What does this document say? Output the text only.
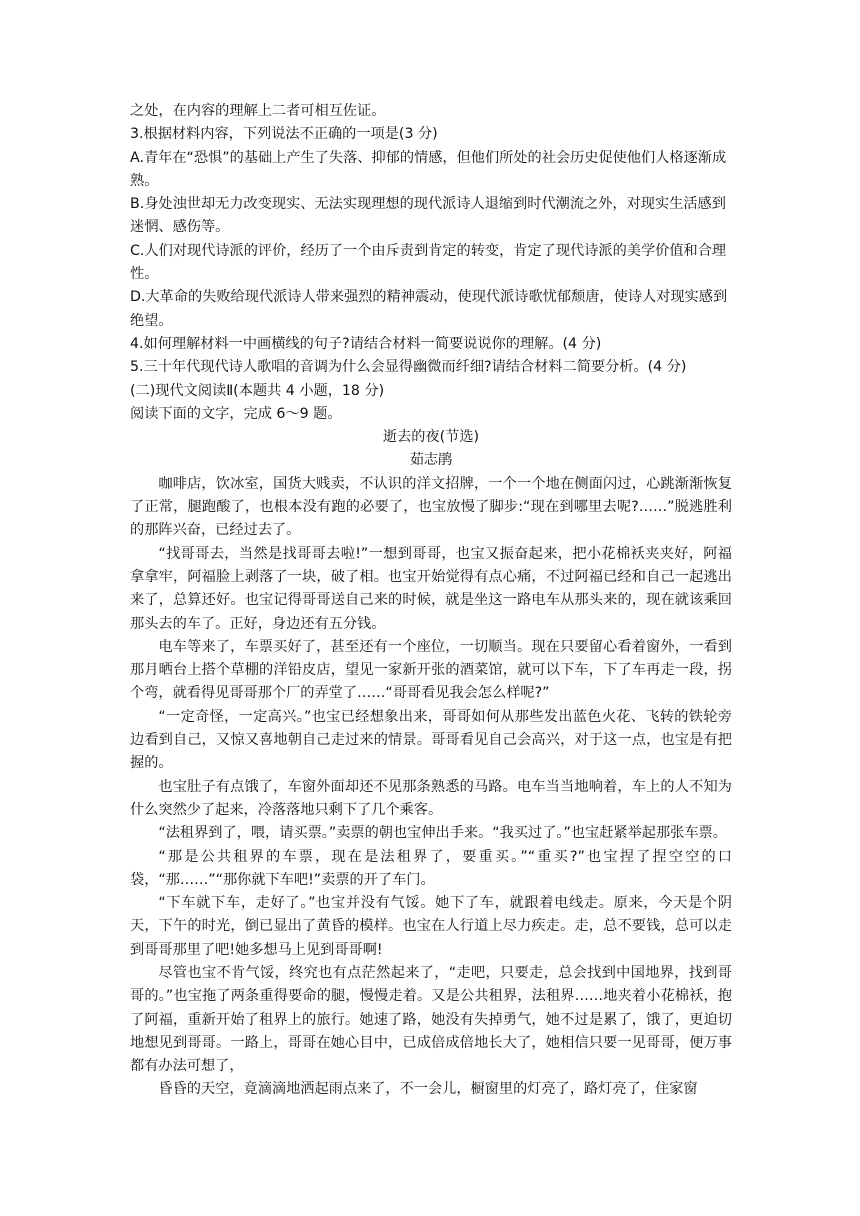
之处，在内容的理解上二者可相互佐证。

3.根据材料内容，下列说法不正确的一项是(3 分)

A.青年在“恐惧”的基础上产生了失落、抑郁的情感，但他们所处的社会历史促使他们人格逐渐成熟。

B.身处浊世却无力改变现实、无法实现理想的现代派诗人退缩到时代潮流之外，对现实生活感到迷惘、感伤等。

C.人们对现代诗派的评价，经历了一个由斥责到肯定的转变，肯定了现代诗派的美学价值和合理性。

D.大革命的失败给现代派诗人带来强烈的精神震动，使现代派诗歌忧郁颓唐，使诗人对现实感到绝望。

4.如何理解材料一中画横线的句子?请结合材料一简要说说你的理解。(4 分)

5.三十年代现代诗人歌唱的音调为什么会显得幽微而纤细?请结合材料二简要分析。(4 分)

(二)现代文阅读Ⅱ(本题共 4 小题，18 分)

阅读下面的文字，完成 6～9 题。

逝去的夜(节选)

茹志鹃

咖啡店，饮冰室，国货大贱卖，不认识的洋文招牌，一个一个地在侧面闪过，心跳渐渐恢复了正常，腿跑酸了，也根本没有跑的必要了，也宝放慢了脚步:“现在到哪里去呢?……”脱逃胜利的那阵兴奋，已经过去了。

“找哥哥去，当然是找哥哥去啦!”一想到哥哥，也宝又振奋起来，把小花棉袄夹夹好，阿福拿拿牢，阿福脸上剥落了一块，破了相。也宝开始觉得有点心痛，不过阿福已经和自己一起逃出来了，总算还好。也宝记得哥哥送自己来的时候，就是坐这一路电车从那头来的，现在就该乘回那头去的车了。正好，身边还有五分钱。

电车等来了，车票买好了，甚至还有一个座位，一切顺当。现在只要留心看着窗外，一看到那月晒台上搭个草棚的洋铅皮店，望见一家新开张的酒菜馆，就可以下车，下了车再走一段，拐个弯，就看得见哥哥那个厂的弄堂了……“哥哥看见我会怎么样呢?”

“一定奇怪，一定高兴。”也宝已经想象出来，哥哥如何从那些发出蓝色火花、飞转的铁轮旁边看到自己，又惊又喜地朝自己走过来的情景。哥哥看见自己会高兴，对于这一点，也宝是有把握的。

也宝肚子有点饿了，车窗外面却还不见那条熟悉的马路。电车当当地响着，车上的人不知为什么突然少了起来，冷落落地只剩下了几个乘客。

“法租界到了，喂，请买票。”卖票的朝也宝伸出手来。“我买过了。”也宝赶紧举起那张车票。

“那是公共租界的车票，现在是法租界了，要重买。”“重买?”也宝捏了捏空空的口袋，“那……”“那你就下车吧!”卖票的开了车门。

“下车就下车，走好了。”也宝并没有气馁。她下了车，就跟着电线走。原来，今天是个阴天，下午的时光，倒已显出了黄昏的模样。也宝在人行道上尽力疾走。走，总不要钱，总可以走到哥哥那里了吧!她多想马上见到哥哥啊!

尽管也宝不肯气馁，终究也有点茫然起来了，“走吧，只要走，总会找到中国地界，找到哥哥的。”也宝拖了两条重得要命的腿，慢慢走着。又是公共租界，法租界……地夹着小花棉袄，抱了阿福，重新开始了租界上的旅行。她速了路，她没有失掉勇气，她不过是累了，饿了，更迫切地想见到哥哥。一路上，哥哥在她心目中，已成倍成倍地长大了，她相信只要一见哥哥，便万事都有办法可想了，

昏昏的天空，竟滴滴地洒起雨点来了，不一会儿，橱窗里的灯亮了，路灯亮了，住家窗
